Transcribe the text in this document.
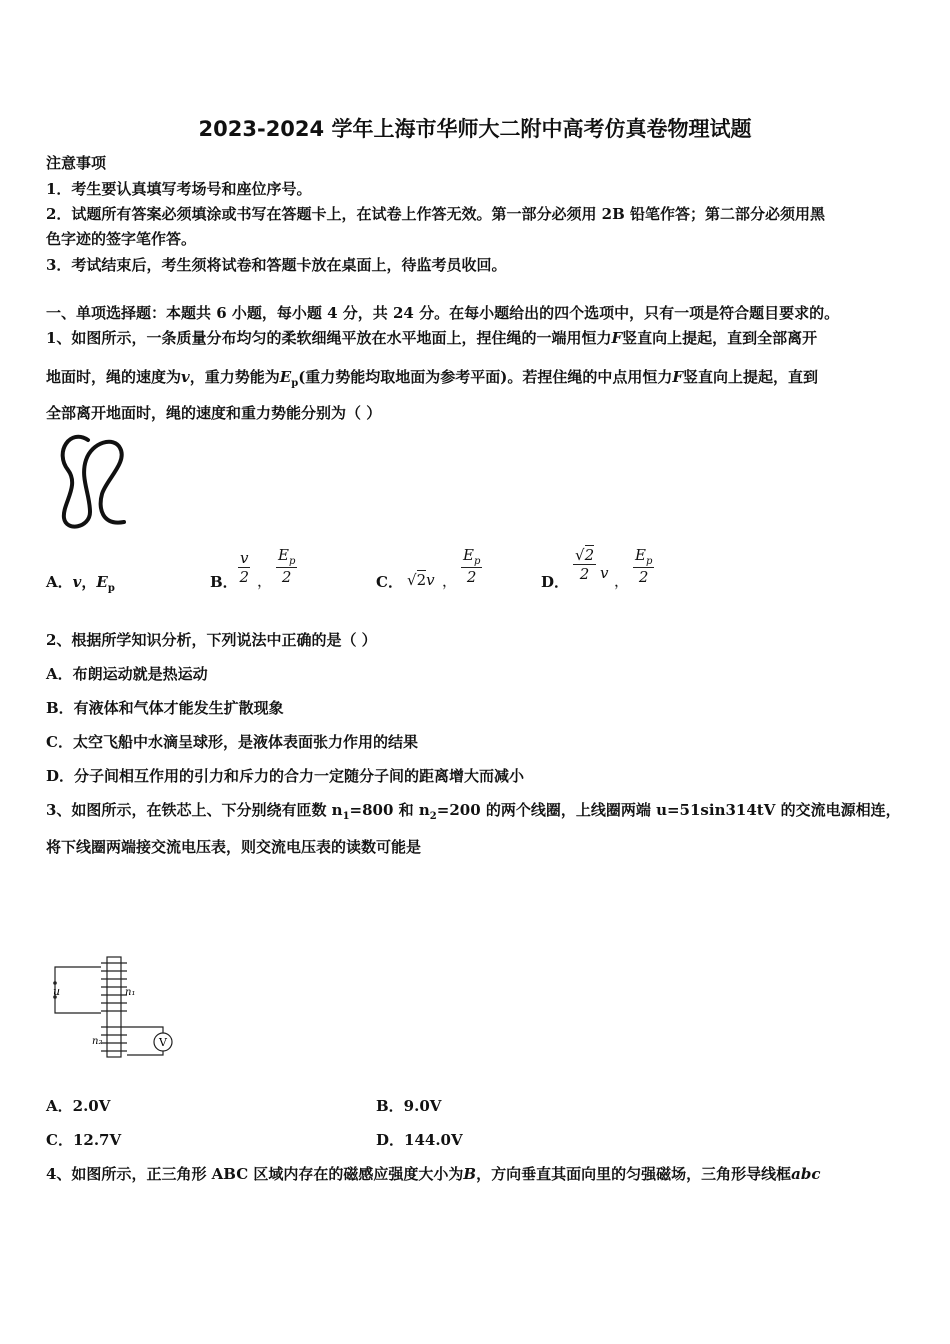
2023-2024 学年上海市华师大二附中高考仿真卷物理试题
注意事项
1．考生要认真填写考场号和座位序号。
2．试题所有答案必须填涂或书写在答题卡上，在试卷上作答无效。第一部分必须用 2B 铅笔作答；第二部分必须用黑
色字迹的签字笔作答。
3．考试结束后，考生须将试卷和答题卡放在桌面上，待监考员收回。
一、单项选择题：本题共 6 小题，每小题 4 分，共 24 分。在每小题给出的四个选项中，只有一项是符合题目要求的。
1、如图所示，一条质量分布均匀的柔软细绳平放在水平地面上，捏住绳的一端用恒力F竖直向上提起，直到全部离开
地面时，绳的速度为v，重力势能为$E_p$(重力势能均取地面为参考平面)。若捏住绳的中点用恒力F竖直向上提起，直到
全部离开地面时，绳的速度和重力势能分别为（ ）
A．v，$E_p$	B． $\frac{v}{2}$ ， $\frac{E_p}{2}$	C． √2v ， $\frac{E_p}{2}$	D． $\frac{√2}{2}$ v ， $\frac{E_p}{2}$
2、根据所学知识分析，下列说法中正确的是（ ）
A．布朗运动就是热运动
B．有液体和气体才能发生扩散现象
C．太空飞船中水滴呈球形，是液体表面张力作用的结果
D．分子间相互作用的引力和斥力的合力一定随分子间的距离增大而减小
3、如图所示，在铁芯上、下分别绕有匝数 $n_1=800$ 和 $n_2=200$ 的两个线圈，上线圈两端 u=51sin314tV 的交流电源相连，
将下线圈两端接交流电压表，则交流电压表的读数可能是
u	n₁
n₂	V
A．2.0V	B．9.0V
C．12.7V	D．144.0V
4、如图所示，正三角形 ABC 区域内存在的磁感应强度大小为B，方向垂直其面向里的匀强磁场，三角形导线框abc
